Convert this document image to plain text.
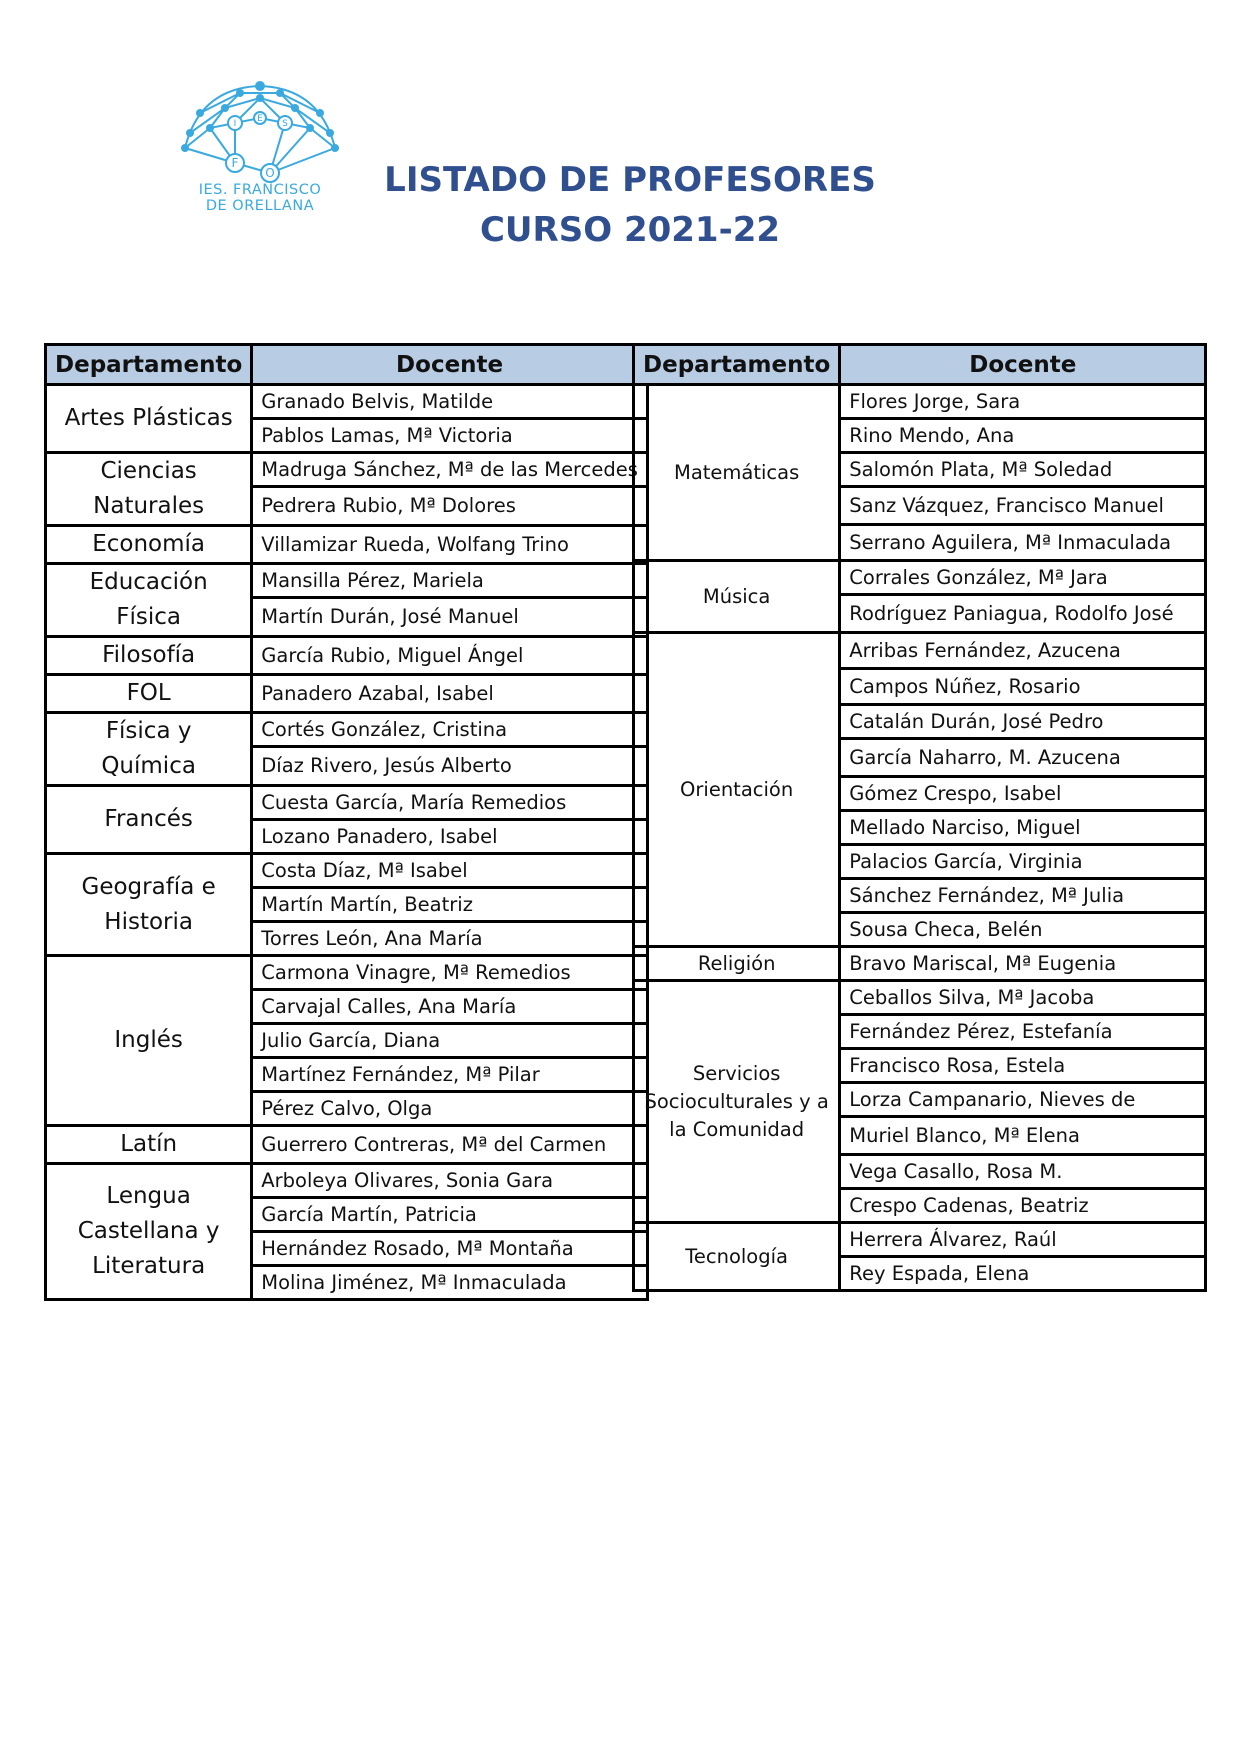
I E S
F
O
IES. FRANCISCO
DE ORELLANA
LISTADO DE PROFESORES
CURSO 2021-22
Departamento	Docente
Artes Plásticas	Granado Belvis, Matilde
	Pablos Lamas, Mª Victoria
Ciencias Naturales	Madruga Sánchez, Mª de las Mercedes
	Pedrera Rubio, Mª Dolores
Economía	Villamizar Rueda, Wolfang Trino
Educación Física	Mansilla Pérez, Mariela
	Martín Durán, José Manuel
Filosofía	García Rubio, Miguel Ángel
FOL	Panadero Azabal, Isabel
Física y Química	Cortés González, Cristina
	Díaz Rivero, Jesús Alberto
Francés	Cuesta García, María Remedios
	Lozano Panadero, Isabel
Geografía e Historia	Costa Díaz, Mª Isabel
	Martín Martín, Beatriz
	Torres León, Ana María
Inglés	Carmona Vinagre, Mª Remedios
	Carvajal Calles, Ana María
	Julio García, Diana
	Martínez Fernández, Mª Pilar
	Pérez Calvo, Olga
Latín	Guerrero Contreras, Mª del Carmen
Lengua Castellana y Literatura	Arboleya Olivares, Sonia Gara
	García Martín, Patricia
	Hernández Rosado, Mª Montaña
	Molina Jiménez, Mª Inmaculada
Departamento	Docente
Matemáticas	Flores Jorge, Sara
	Rino Mendo, Ana
	Salomón Plata, Mª Soledad
	Sanz Vázquez, Francisco Manuel
	Serrano Aguilera, Mª Inmaculada
Música	Corrales González, Mª Jara
	Rodríguez Paniagua, Rodolfo José
Orientación	Arribas Fernández, Azucena
	Campos Núñez, Rosario
	Catalán Durán, José Pedro
	García Naharro, M. Azucena
	Gómez Crespo, Isabel
	Mellado Narciso, Miguel
	Palacios García, Virginia
	Sánchez Fernández, Mª Julia
	Sousa Checa, Belén
Religión	Bravo Mariscal, Mª Eugenia
Servicios Socioculturales y a la Comunidad	Ceballos Silva, Mª Jacoba
	Fernández Pérez, Estefanía
	Francisco Rosa, Estela
	Lorza Campanario, Nieves de
	Muriel Blanco, Mª Elena
	Vega Casallo, Rosa M.
	Crespo Cadenas, Beatriz
Tecnología	Herrera Álvarez, Raúl
	Rey Espada, Elena
